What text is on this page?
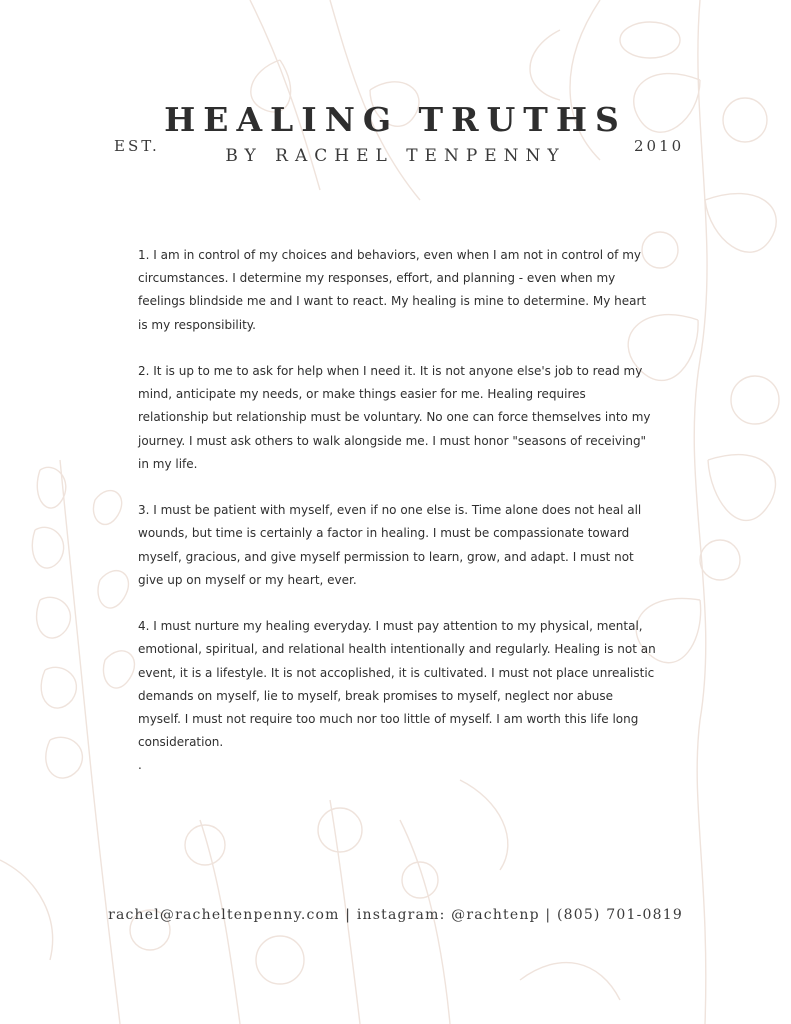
EST.
HEALING TRUTHS
2010
BY RACHEL TENPENNY

1. I am in control of my choices and behaviors, even when I am not in control of my circumstances. I determine my responses, effort, and planning - even when my feelings blindside me and I want to react. My healing is mine to determine. My heart is my responsibility.

2. It is up to me to ask for help when I need it. It is not anyone else's job to read my mind, anticipate my needs, or make things easier for me. Healing requires relationship but relationship must be voluntary. No one can force themselves into my journey. I must ask others to walk alongside me. I must honor "seasons of receiving" in my life.

3. I must be patient with myself, even if no one else is. Time alone does not heal all wounds, but time is certainly a factor in healing. I must be compassionate toward myself, gracious, and give myself permission to learn, grow, and adapt. I must not give up on myself or my heart, ever.

4. I must nurture my healing everyday. I must pay attention to my physical, mental, emotional, spiritual, and relational health intentionally and regularly. Healing is not an event, it is a lifestyle. It is not accoplished, it is cultivated. I must not place unrealistic demands on myself, lie to myself, break promises to myself, neglect nor abuse myself. I must not require too much nor too little of myself. I am worth this life long consideration.

.

rachel@racheltenpenny.com | instagram: @rachtenp | (805) 701-0819
